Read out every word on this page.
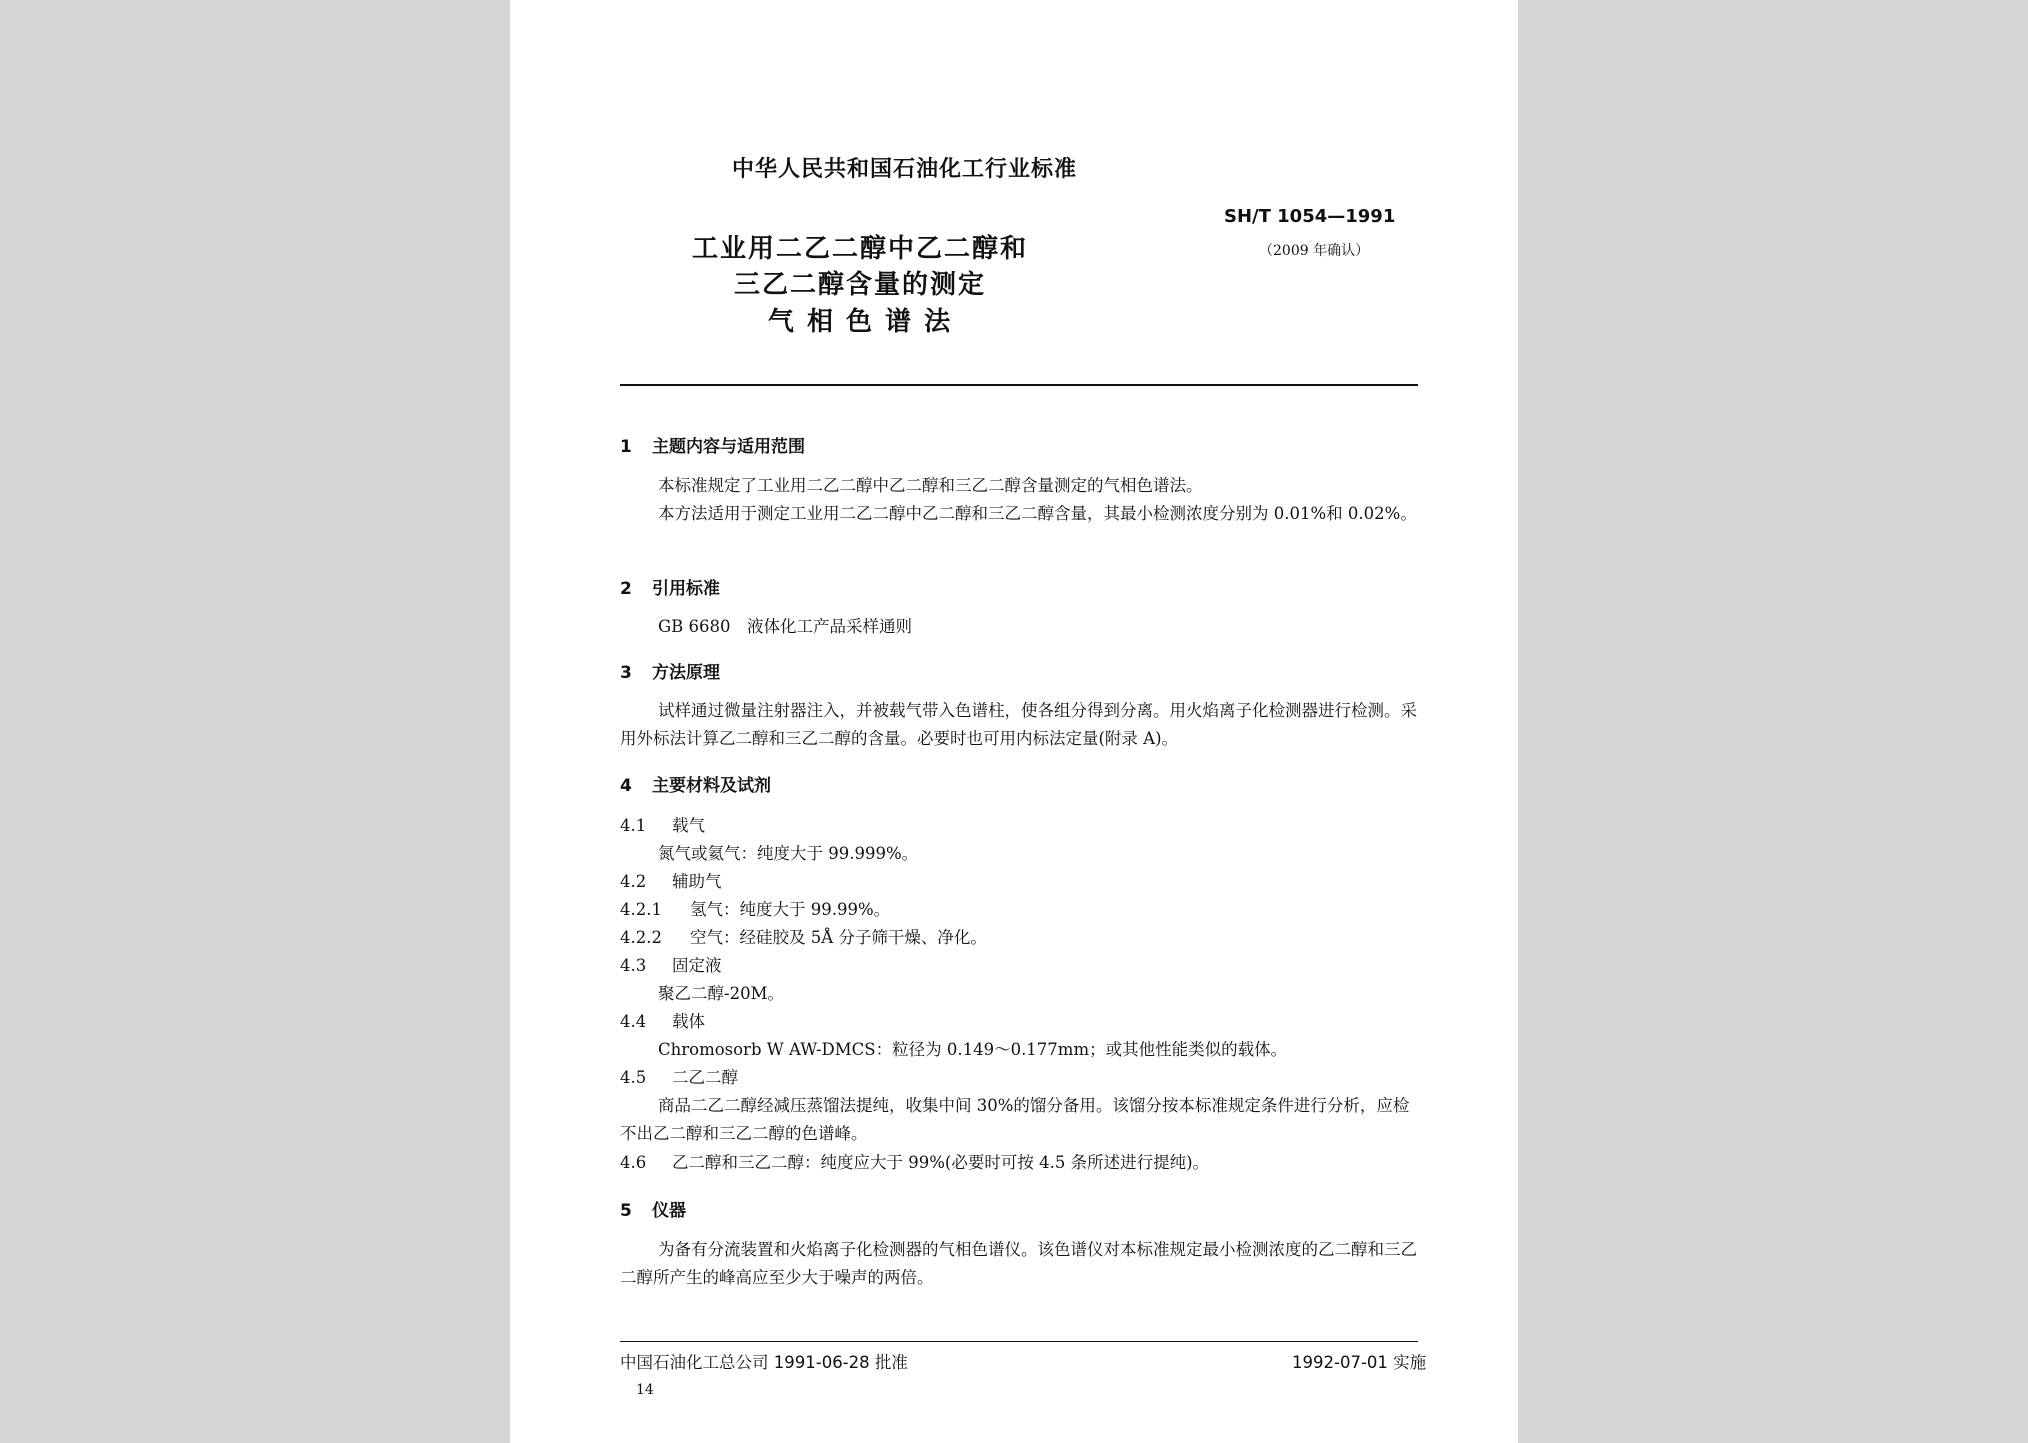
中华人民共和国石油化工行业标准
SH/T 1054—1991
（2009 年确认）
工业用二乙二醇中乙二醇和
三乙二醇含量的测定
气 相 色 谱 法
1 主题内容与适用范围
本标准规定了工业用二乙二醇中乙二醇和三乙二醇含量测定的气相色谱法。
本方法适用于测定工业用二乙二醇中乙二醇和三乙二醇含量，其最小检测浓度分别为 0.01%和 0.02%。
2 引用标准
GB 6680　液体化工产品采样通则
3 方法原理
试样通过微量注射器注入，并被载气带入色谱柱，使各组分得到分离。用火焰离子化检测器进行检测。采用外标法计算乙二醇和三乙二醇的含量。必要时也可用内标法定量(附录 A)。
4 主要材料及试剂
4.1 载气
氮气或氦气：纯度大于 99.999%。
4.2 辅助气
4.2.1 氢气：纯度大于 99.99%。
4.2.2 空气：经硅胶及 5Å 分子筛干燥、净化。
4.3 固定液
聚乙二醇-20M。
4.4 载体
Chromosorb W AW-DMCS：粒径为 0.149～0.177mm；或其他性能类似的载体。
4.5 二乙二醇
商品二乙二醇经减压蒸馏法提纯，收集中间 30%的馏分备用。该馏分按本标准规定条件进行分析，应检不出乙二醇和三乙二醇的色谱峰。
4.6 乙二醇和三乙二醇：纯度应大于 99%(必要时可按 4.5 条所述进行提纯)。
5 仪器
为备有分流装置和火焰离子化检测器的气相色谱仪。该色谱仪对本标准规定最小检测浓度的乙二醇和三乙二醇所产生的峰高应至少大于噪声的两倍。
中国石油化工总公司 1991-06-28 批准	1992-07-01 实施
14
